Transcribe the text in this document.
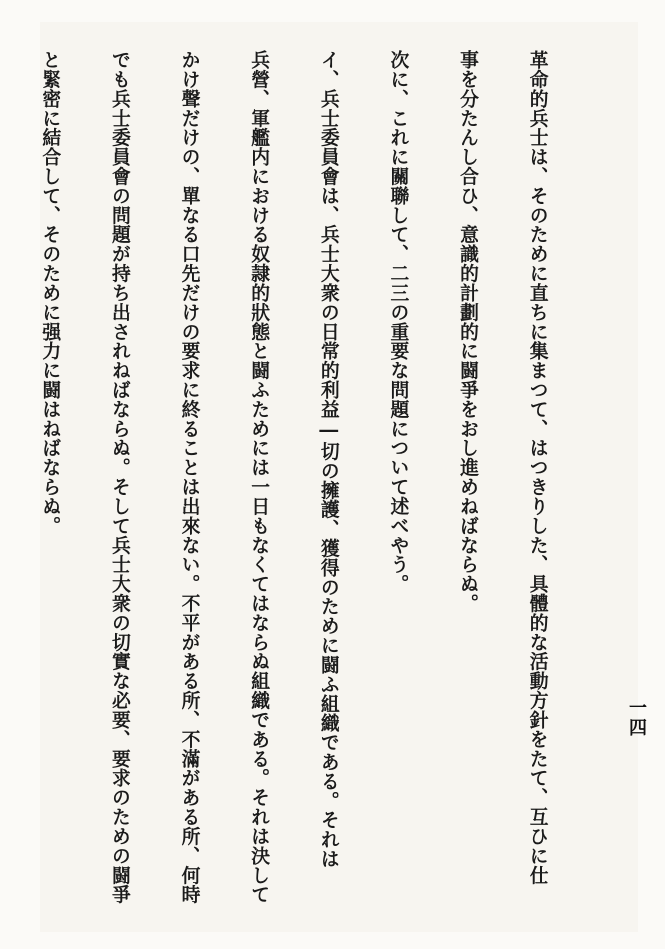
革命的兵士は、そのために直ちに集まつて、はつきりした、具體的な活動方針をたて、互ひに仕

事を分たんし合ひ、意識的計劃的に闘爭をおし進めねばならぬ。

次に、これに關聯して、二三の重要な問題について述べやう。

イ、兵士委員會は、兵士大衆の日常的利益―切の擁護、獲得のために闘ふ組織である。それは

兵營、軍艦内における奴隷的狀態と闘ふためには一日もなくてはならぬ組織である。それは決して

かけ聲だけの、單なる口先だけの要求に終ることは出來ない。不平がある所、不滿がある所、何時

でも兵士委員會の問題が持ち出されねばならぬ。そして兵士大衆の切實な必要、要求のための闘爭

と緊密に結合して、そのために强力に闘はねばならぬ。

一四
